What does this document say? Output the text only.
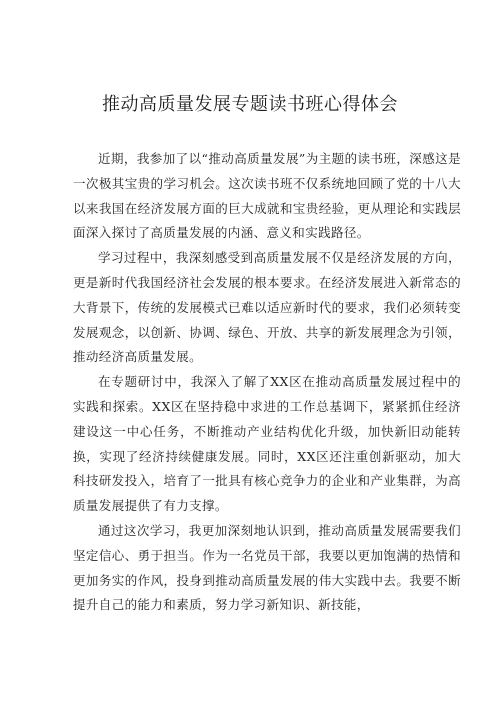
推动高质量发展专题读书班心得体会

近期，我参加了以“推动高质量发展”为主题的读书班，深感这是一次极其宝贵的学习机会。这次读书班不仅系统地回顾了党的十八大以来我国在经济发展方面的巨大成就和宝贵经验，更从理论和实践层面深入探讨了高质量发展的内涵、意义和实践路径。

学习过程中，我深刻感受到高质量发展不仅是经济发展的方向，更是新时代我国经济社会发展的根本要求。在经济发展进入新常态的大背景下，传统的发展模式已难以适应新时代的要求，我们必须转变发展观念，以创新、协调、绿色、开放、共享的新发展理念为引领，推动经济高质量发展。

在专题研讨中，我深入了解了XX区在推动高质量发展过程中的实践和探索。XX区在坚持稳中求进的工作总基调下，紧紧抓住经济建设这一中心任务，不断推动产业结构优化升级，加快新旧动能转换，实现了经济持续健康发展。同时，XX区还注重创新驱动，加大科技研发投入，培育了一批具有核心竞争力的企业和产业集群，为高质量发展提供了有力支撑。

通过这次学习，我更加深刻地认识到，推动高质量发展需要我们坚定信心、勇于担当。作为一名党员干部，我要以更加饱满的热情和更加务实的作风，投身到推动高质量发展的伟大实践中去。我要不断提升自己的能力和素质，努力学习新知识、新技能，
